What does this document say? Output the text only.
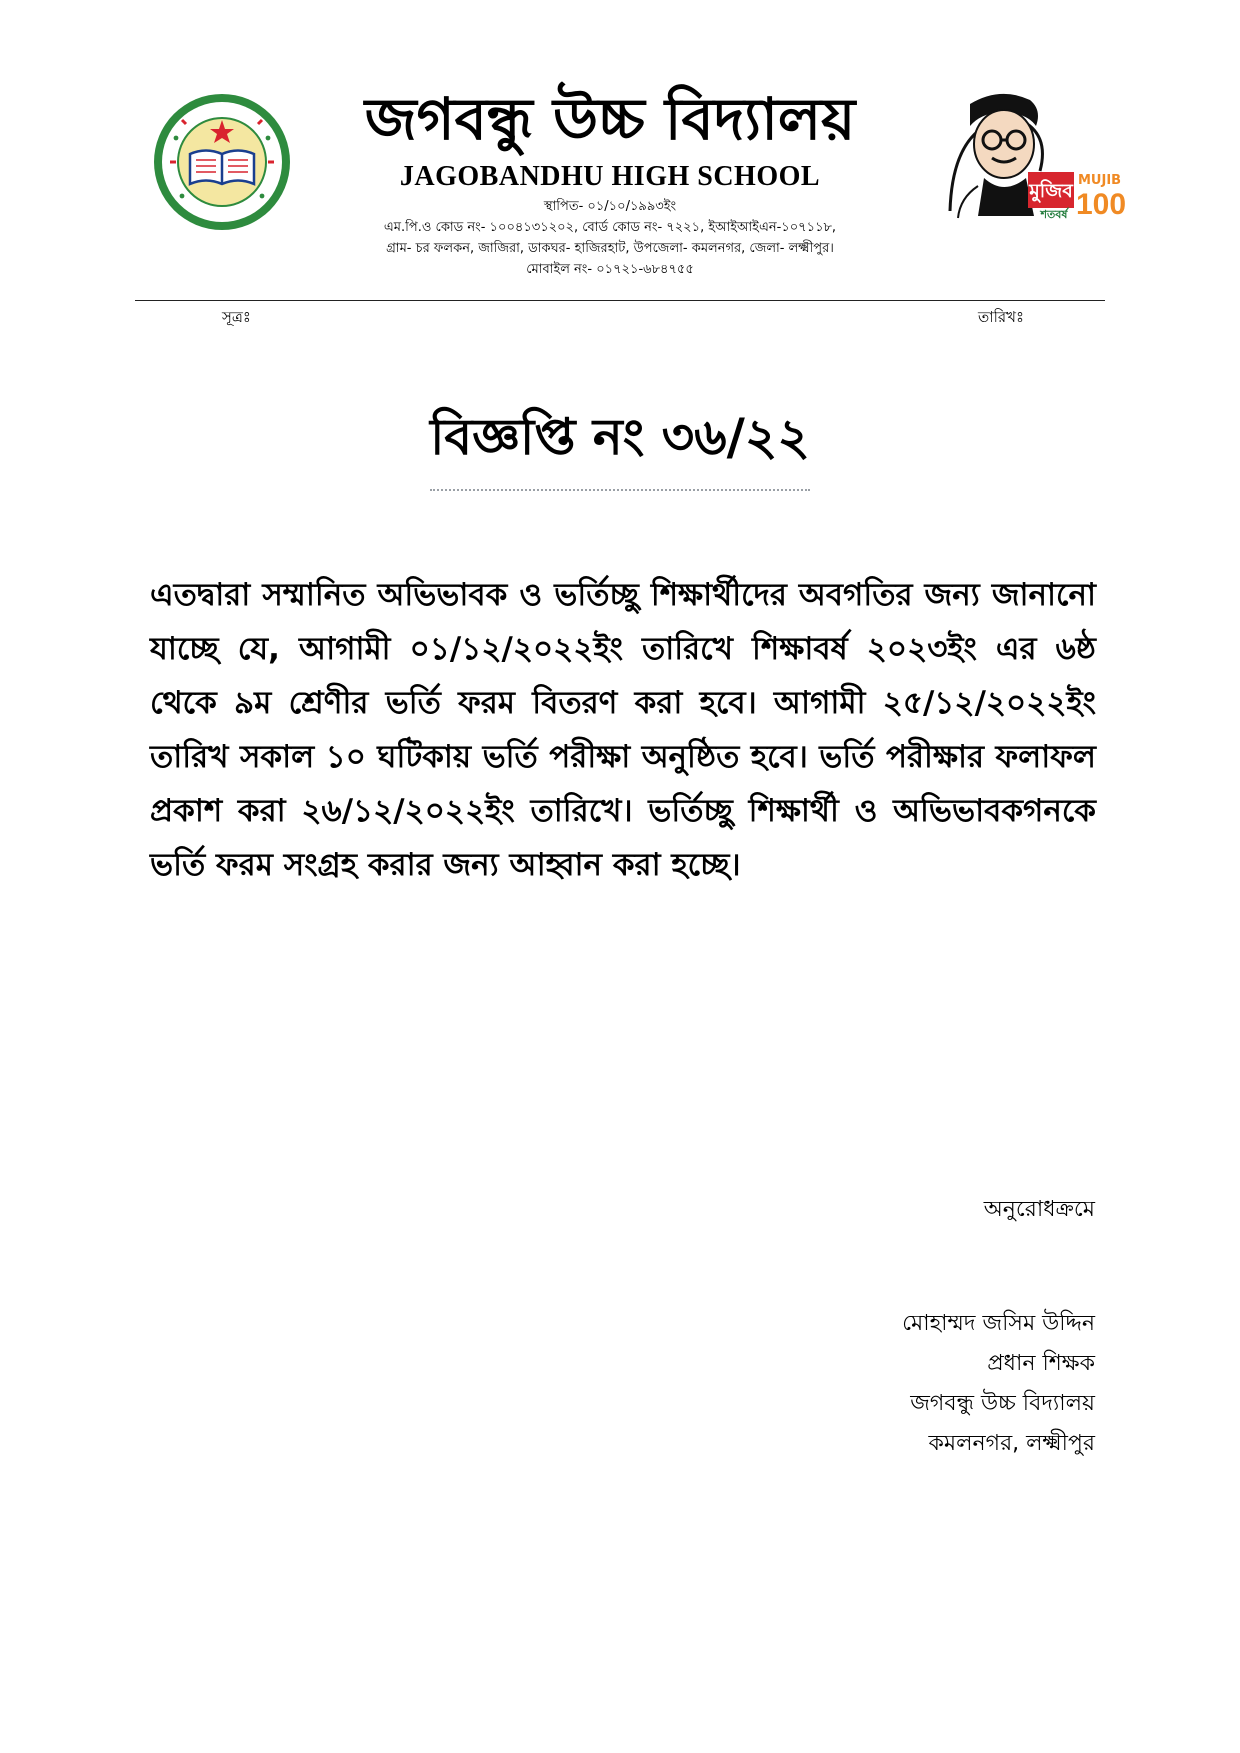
মুজিব
শতবর্ষ
MUJIB
100

জগবন্ধু উচ্চ বিদ্যালয়

JAGOBANDHU HIGH SCHOOL

স্থাপিত- ০১/১০/১৯৯৩ইং

এম.পি.ও কোড নং- ১০০৪১৩১২০২, বোর্ড কোড নং- ৭২২১, ইআইআইএন-১০৭১১৮,

গ্রাম- চর ফলকন, জাজিরা, ডাকঘর- হাজিরহাট, উপজেলা- কমলনগর, জেলা- লক্ষ্মীপুর।

মোবাইল নং- ০১৭২১-৬৮৪৭৫৫

সূত্রঃ	তারিখঃ
বিজ্ঞপ্তি নং ৩৬/২২

এতদ্বারা সম্মানিত অভিভাবক ও ভর্তিচ্ছু শিক্ষার্থীদের অবগতির জন্য জানানো যাচ্ছে যে, আগামী ০১/১২/২০২২ইং তারিখে শিক্ষাবর্ষ ২০২৩ইং এর ৬ষ্ঠ থেকে ৯ম শ্রেণীর ভর্তি ফরম বিতরণ করা হবে। আগামী ২৫/১২/২০২২ইং তারিখ সকাল ১০ ঘটিকায় ভর্তি পরীক্ষা অনুষ্ঠিত হবে। ভর্তি পরীক্ষার ফলাফল প্রকাশ করা ২৬/১২/২০২২ইং তারিখে। ভর্তিচ্ছু শিক্ষার্থী ও অভিভাবকগনকে ভর্তি ফরম সংগ্রহ করার জন্য আহ্বান করা হচ্ছে।

অনুরোধক্রমে
মোহাম্মদ জসিম উদ্দিন
প্রধান শিক্ষক
জগবন্ধু উচ্চ বিদ্যালয়
কমলনগর, লক্ষ্মীপুর
